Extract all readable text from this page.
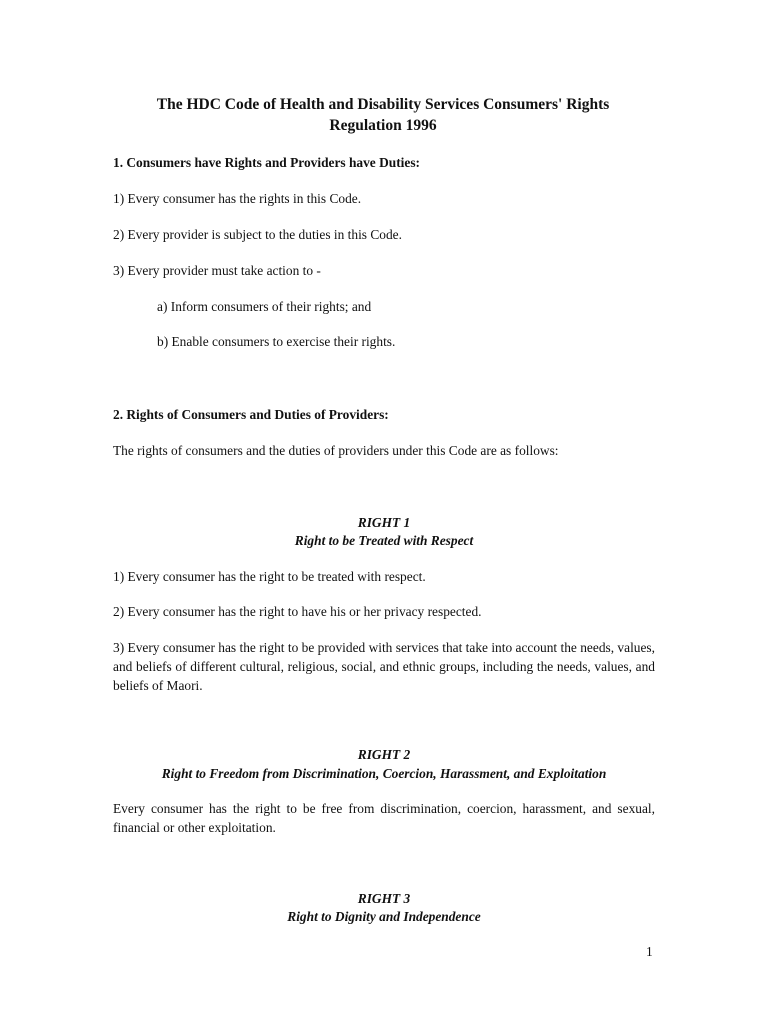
The HDC Code of Health and Disability Services Consumers' Rights
Regulation 1996
1. Consumers have Rights and Providers have Duties:
1) Every consumer has the rights in this Code.
2) Every provider is subject to the duties in this Code.
3) Every provider must take action to -
a) Inform consumers of their rights; and
b) Enable consumers to exercise their rights.
2. Rights of Consumers and Duties of Providers:
The rights of consumers and the duties of providers under this Code are as follows:
RIGHT 1
Right to be Treated with Respect
1) Every consumer has the right to be treated with respect.
2) Every consumer has the right to have his or her privacy respected.
3) Every consumer has the right to be provided with services that take into account the needs, values, and beliefs of different cultural, religious, social, and ethnic groups, including the needs, values, and beliefs of Maori.
RIGHT 2
Right to Freedom from Discrimination, Coercion, Harassment, and Exploitation
Every consumer has the right to be free from discrimination, coercion, harassment, and sexual, financial or other exploitation.
RIGHT 3
Right to Dignity and Independence
1
